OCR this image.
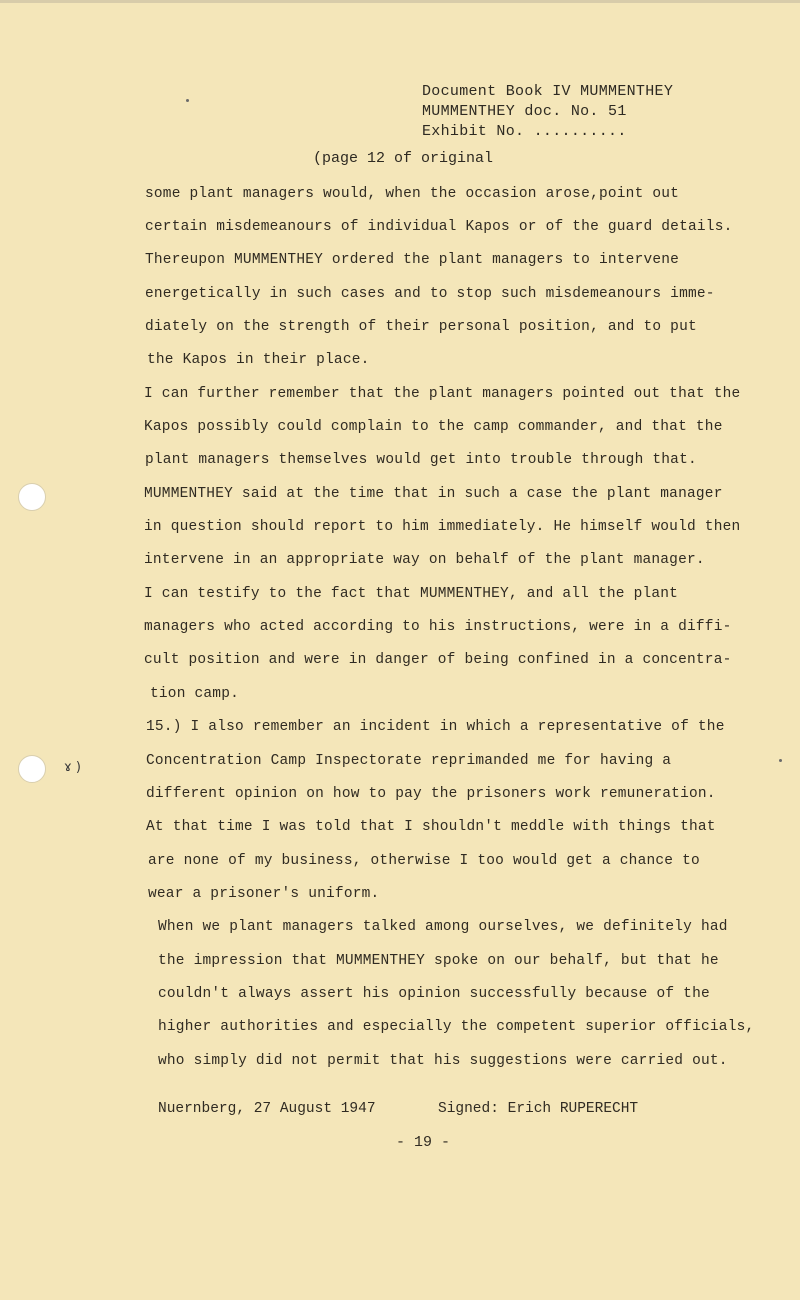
Document Book IV MUMMENTHEY
MUMMENTHEY doc. No. 51
Exhibit No. ..........
(page 12 of original
some plant managers would, when the occasion arose,point out
certain misdemeanours of individual Kapos or of the guard details.
Thereupon MUMMENTHEY ordered the plant managers to intervene
energetically in such cases and to stop such misdemeanours imme-
diately on the strength of their personal position, and to put
the Kapos in their place.
I can further remember that the plant managers pointed out that the
Kapos possibly could complain to the camp commander, and that the
plant managers themselves would get into trouble through that.
MUMMENTHEY said at the time that in such a case the plant manager
in question should report to him immediately. He himself would then
intervene in an appropriate way on behalf of the plant manager.
I can testify to the fact that MUMMENTHEY, and all the plant
managers who acted according to his instructions, were in a diffi-
cult position and were in danger of being confined in a concentra-
tion camp.
15.) I also remember an incident in which a representative of the
Concentration Camp Inspectorate reprimanded me for having a
different opinion on how to pay the prisoners work remuneration.
At that time I was told that I shouldn't meddle with things that
are none of my business, otherwise I too would get a chance to
wear a prisoner's uniform.
When we plant managers talked among ourselves, we definitely had
the impression that MUMMENTHEY spoke on our behalf, but that he
couldn't always assert his opinion successfully because of the
higher authorities and especially the competent superior officials,
who simply did not permit that his suggestions were carried out.
ɤ )
Nuernberg, 27 August 1947	Signed: Erich RUPERECHT
- 19 -
